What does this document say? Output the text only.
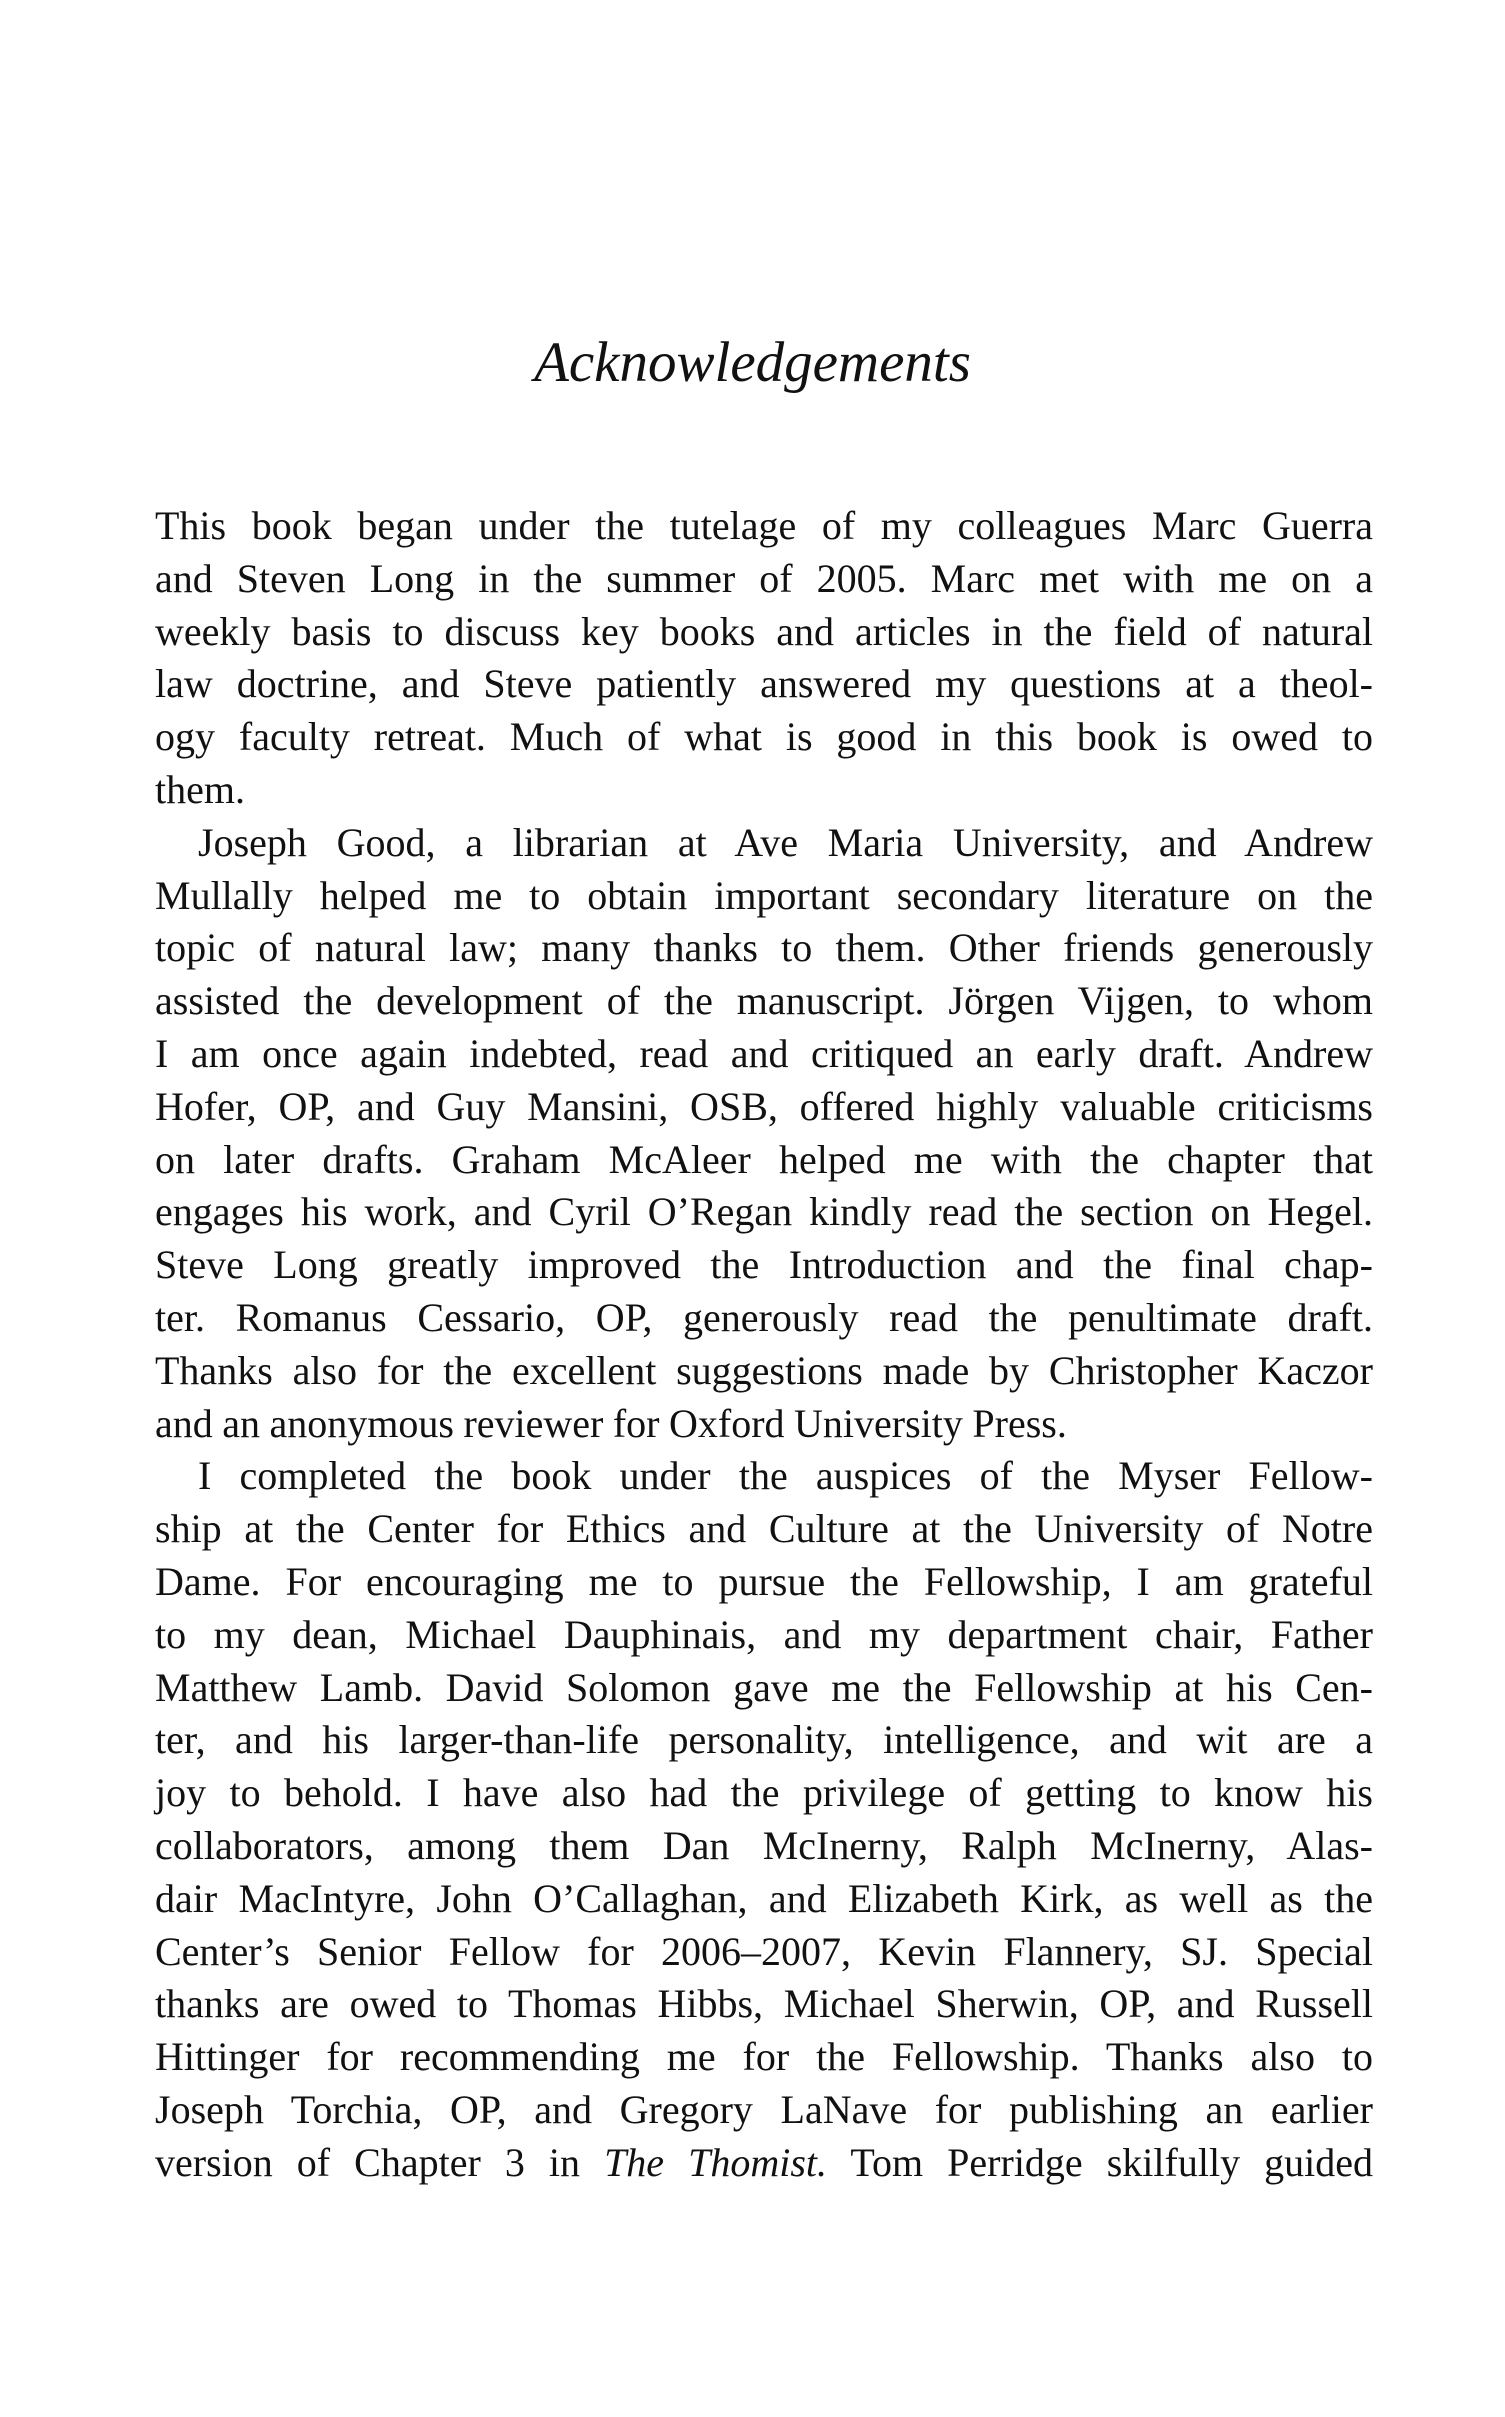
Acknowledgements
This book began under the tutelage of my colleagues Marc Guerra
and Steven Long in the summer of 2005. Marc met with me on a
weekly basis to discuss key books and articles in the field of natural
law doctrine, and Steve patiently answered my questions at a theol-
ogy faculty retreat. Much of what is good in this book is owed to
them.
Joseph Good, a librarian at Ave Maria University, and Andrew
Mullally helped me to obtain important secondary literature on the
topic of natural law; many thanks to them. Other friends generously
assisted the development of the manuscript. Jörgen Vijgen, to whom
I am once again indebted, read and critiqued an early draft. Andrew
Hofer, OP, and Guy Mansini, OSB, offered highly valuable criticisms
on later drafts. Graham McAleer helped me with the chapter that
engages his work, and Cyril O’Regan kindly read the section on Hegel.
Steve Long greatly improved the Introduction and the final chap-
ter. Romanus Cessario, OP, generously read the penultimate draft.
Thanks also for the excellent suggestions made by Christopher Kaczor
and an anonymous reviewer for Oxford University Press.
I completed the book under the auspices of the Myser Fellow-
ship at the Center for Ethics and Culture at the University of Notre
Dame. For encouraging me to pursue the Fellowship, I am grateful
to my dean, Michael Dauphinais, and my department chair, Father
Matthew Lamb. David Solomon gave me the Fellowship at his Cen-
ter, and his larger-than-life personality, intelligence, and wit are a
joy to behold. I have also had the privilege of getting to know his
collaborators, among them Dan McInerny, Ralph McInerny, Alas-
dair MacIntyre, John O’Callaghan, and Elizabeth Kirk, as well as the
Center’s Senior Fellow for 2006–2007, Kevin Flannery, SJ. Special
thanks are owed to Thomas Hibbs, Michael Sherwin, OP, and Russell
Hittinger for recommending me for the Fellowship. Thanks also to
Joseph Torchia, OP, and Gregory LaNave for publishing an earlier
version of Chapter 3 in The Thomist. Tom Perridge skilfully guided
